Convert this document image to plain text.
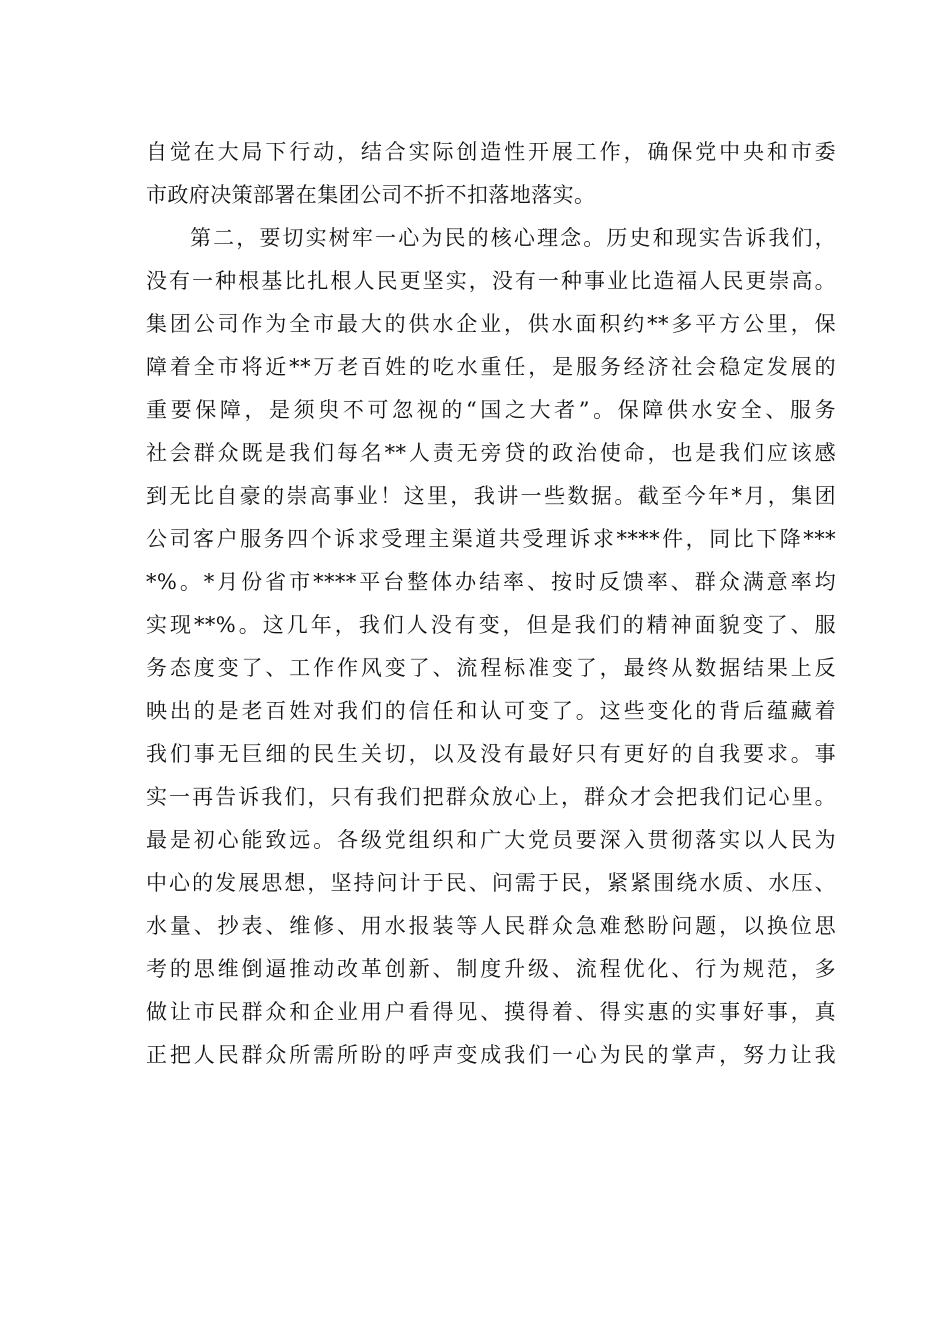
自觉在大局下行动，结合实际创造性开展工作，确保党中央和市委
市政府决策部署在集团公司不折不扣落地落实。
第二，要切实树牢一心为民的核心理念。历史和现实告诉我们，
没有一种根基比扎根人民更坚实，没有一种事业比造福人民更崇高。
集团公司作为全市最大的供水企业，供水面积约**多平方公里，保
障着全市将近**万老百姓的吃水重任，是服务经济社会稳定发展的
重要保障，是须臾不可忽视的“国之大者”。保障供水安全、服务
社会群众既是我们每名**人责无旁贷的政治使命，也是我们应该感
到无比自豪的崇高事业！这里，我讲一些数据。截至今年*月，集团
公司客户服务四个诉求受理主渠道共受理诉求****件，同比下降***
*%。*月份省市****平台整体办结率、按时反馈率、群众满意率均
实现**%。这几年，我们人没有变，但是我们的精神面貌变了、服
务态度变了、工作作风变了、流程标准变了，最终从数据结果上反
映出的是老百姓对我们的信任和认可变了。这些变化的背后蕴藏着
我们事无巨细的民生关切，以及没有最好只有更好的自我要求。事
实一再告诉我们，只有我们把群众放心上，群众才会把我们记心里。
最是初心能致远。各级党组织和广大党员要深入贯彻落实以人民为
中心的发展思想，坚持问计于民、问需于民，紧紧围绕水质、水压、
水量、抄表、维修、用水报装等人民群众急难愁盼问题，以换位思
考的思维倒逼推动改革创新、制度升级、流程优化、行为规范，多
做让市民群众和企业用户看得见、摸得着、得实惠的实事好事，真
正把人民群众所需所盼的呼声变成我们一心为民的掌声，努力让我
